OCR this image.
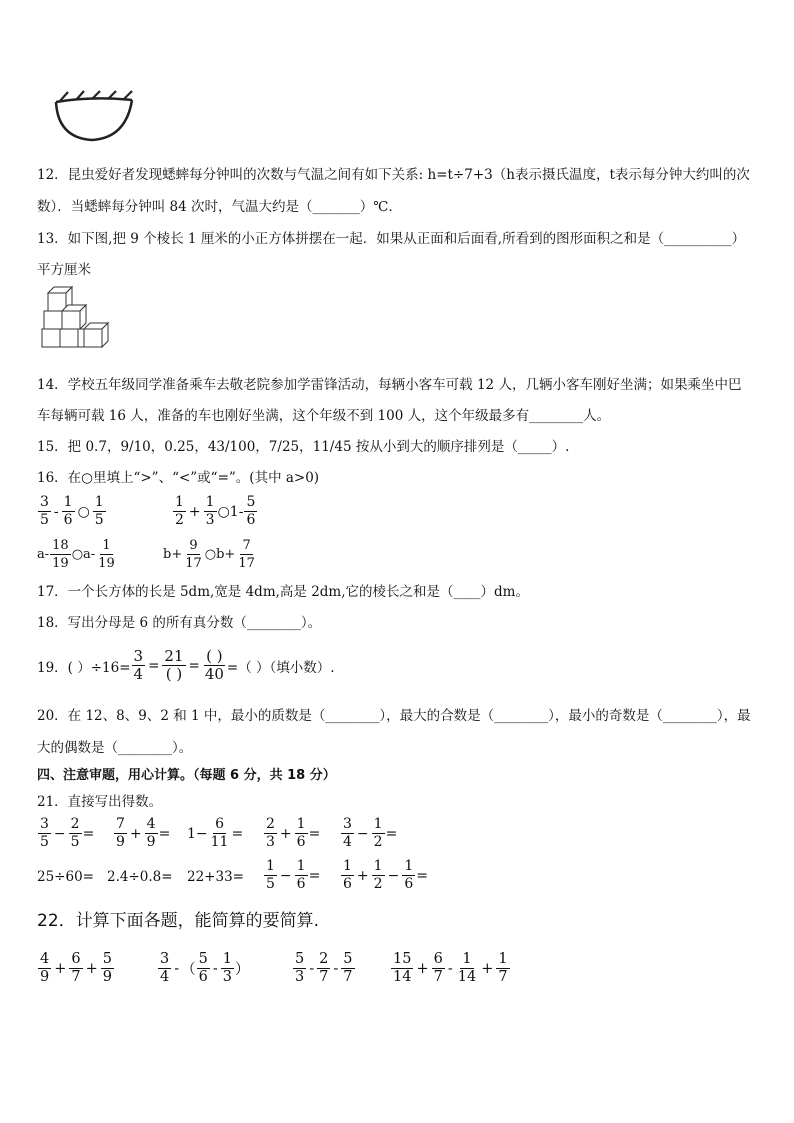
12．昆虫爱好者发现蟋蟀每分钟叫的次数与气温之间有如下关系: h=t÷7+3（h表示摄氏温度，t表示每分钟大约叫的次
数）．当蟋蟀每分钟叫 84 次时，气温大约是（_______）℃.
13．如下图,把 9 个棱长 1 厘米的小正方体拼摆在一起．如果从正面和后面看,所看到的图形面积之和是（__________）
平方厘米
14．学校五年级同学准备乘车去敬老院参加学雷锋活动，每辆小客车可载 12 人，几辆小客车刚好坐满；如果乘坐中巴
车每辆可载 16 人，准备的车也刚好坐满，这个年级不到 100 人，这个年级最多有________人。
15．把 0.7，9/10，0.25，43/100，7/25，11/45 按从小到大的顺序排列是（_____）.
16．在○里填上“>”、“<”或“=”。(其中 a>0)
$\frac{3}{5} - \frac{1}{6}$ ○ $\frac{1}{5}$	$\frac{1}{2} + \frac{1}{3}$ ○ $1- \frac{5}{6}$
$a- \frac{18}{19}$ ○ $a- \frac{1}{19}$	$b+ \frac{9}{17}$ ○ $b+ \frac{7}{17}$
17．一个长方体的长是 5dm,宽是 4dm,高是 2dm,它的棱长之和是（____）dm。
18．写出分母是 6 的所有真分数（________）。
19．( ）$\div 16= \frac{3}{4}$ =
21
( ) =
( )
40 =（ ）（填小数）.
20．在 12、8、9、2 和 1 中，最小的质数是（________），最大的合数是（________），最小的奇数是（________），最
大的偶数是（________）。
四、注意审题，用心计算。（每题 6 分，共 18 分）
21．直接写出得数。
$\frac{3}{5} - \frac{2}{5} = \frac{7}{9} + \frac{4}{9} = 1- \frac{6}{11} = \frac{2}{3} + \frac{1}{6} = \frac{3}{4} - \frac{1}{2}$ =
$25\div 60= 2.4\div 0.8= 22+33= \frac{1}{5} - \frac{1}{6} = \frac{1}{6} + \frac{1}{2} - \frac{1}{6}$ =
22．计算下面各题，能简算的要简算.
$\frac{4}{9} + \frac{6}{7} + \frac{5}{9}$	$\frac{3}{4}$ - （ $\frac{5}{6} - \frac{1}{3}$ ）	$\frac{5}{3} - \frac{2}{7} - \frac{5}{7}$	$\frac{15}{14} + \frac{6}{7} - \frac{1}{14} + \frac{1}{7}$
